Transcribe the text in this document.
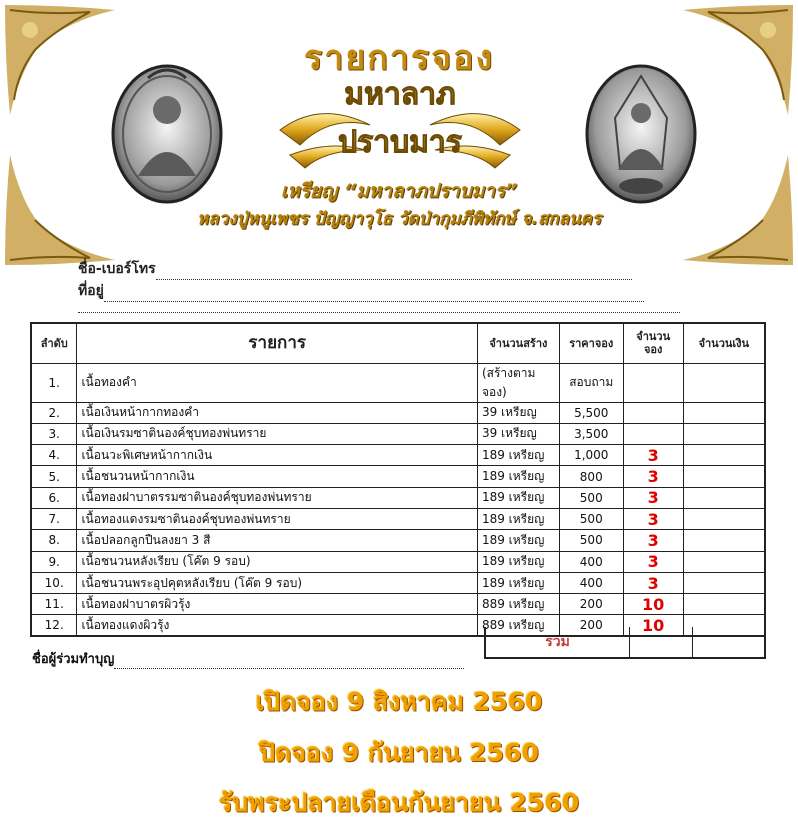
รายการจอง
มหาลาภ
ปราบมาร
เหรียญ “มหาลาภปราบมาร”
หลวงปู่หนูเพชร ปัญญาวุโธ วัดป่ากุมภีพิทักษ์ จ.สกลนคร
ชื่อ-เบอร์โทร
ที่อยู่
ลำดับ	รายการ	จำนวนสร้าง	ราคาจอง	จำนวนจอง	จำนวนเงิน
1.	เนื้อทองคำ	(สร้างตามจอง)	สอบถาม		
2.	เนื้อเงินหน้ากากทองคำ	39 เหรียญ	5,500		
3.	เนื้อเงินรมซาตินองค์ชุบทองพ่นทราย	39 เหรียญ	3,500		
4.	เนื้อนวะพิเศษหน้ากากเงิน	189 เหรียญ	1,000	3	
5.	เนื้อชนวนหน้ากากเงิน	189 เหรียญ	800	3	
6.	เนื้อทองฝาบาตรรมซาตินองค์ชุบทองพ่นทราย	189 เหรียญ	500	3	
7.	เนื้อทองแดงรมซาตินองค์ชุบทองพ่นทราย	189 เหรียญ	500	3	
8.	เนื้อปลอกลูกปืนลงยา 3 สี	189 เหรียญ	500	3	
9.	เนื้อชนวนหลังเรียบ (โค๊ต 9 รอบ)	189 เหรียญ	400	3	
10.	เนื้อชนวนพระอุปคุตหลังเรียบ (โค๊ต 9 รอบ)	189 เหรียญ	400	3	
11.	เนื้อทองฝาบาตรผิวรุ้ง	889 เหรียญ	200	10	
12.	เนื้อทองแดงผิวรุ้ง	889 เหรียญ	200	10	
รวม
ชื่อผู้ร่วมทำบุญ
เปิดจอง 9 สิงหาคม 2560
ปิดจอง 9 กันยายน 2560
รับพระปลายเดือนกันยายน 2560
